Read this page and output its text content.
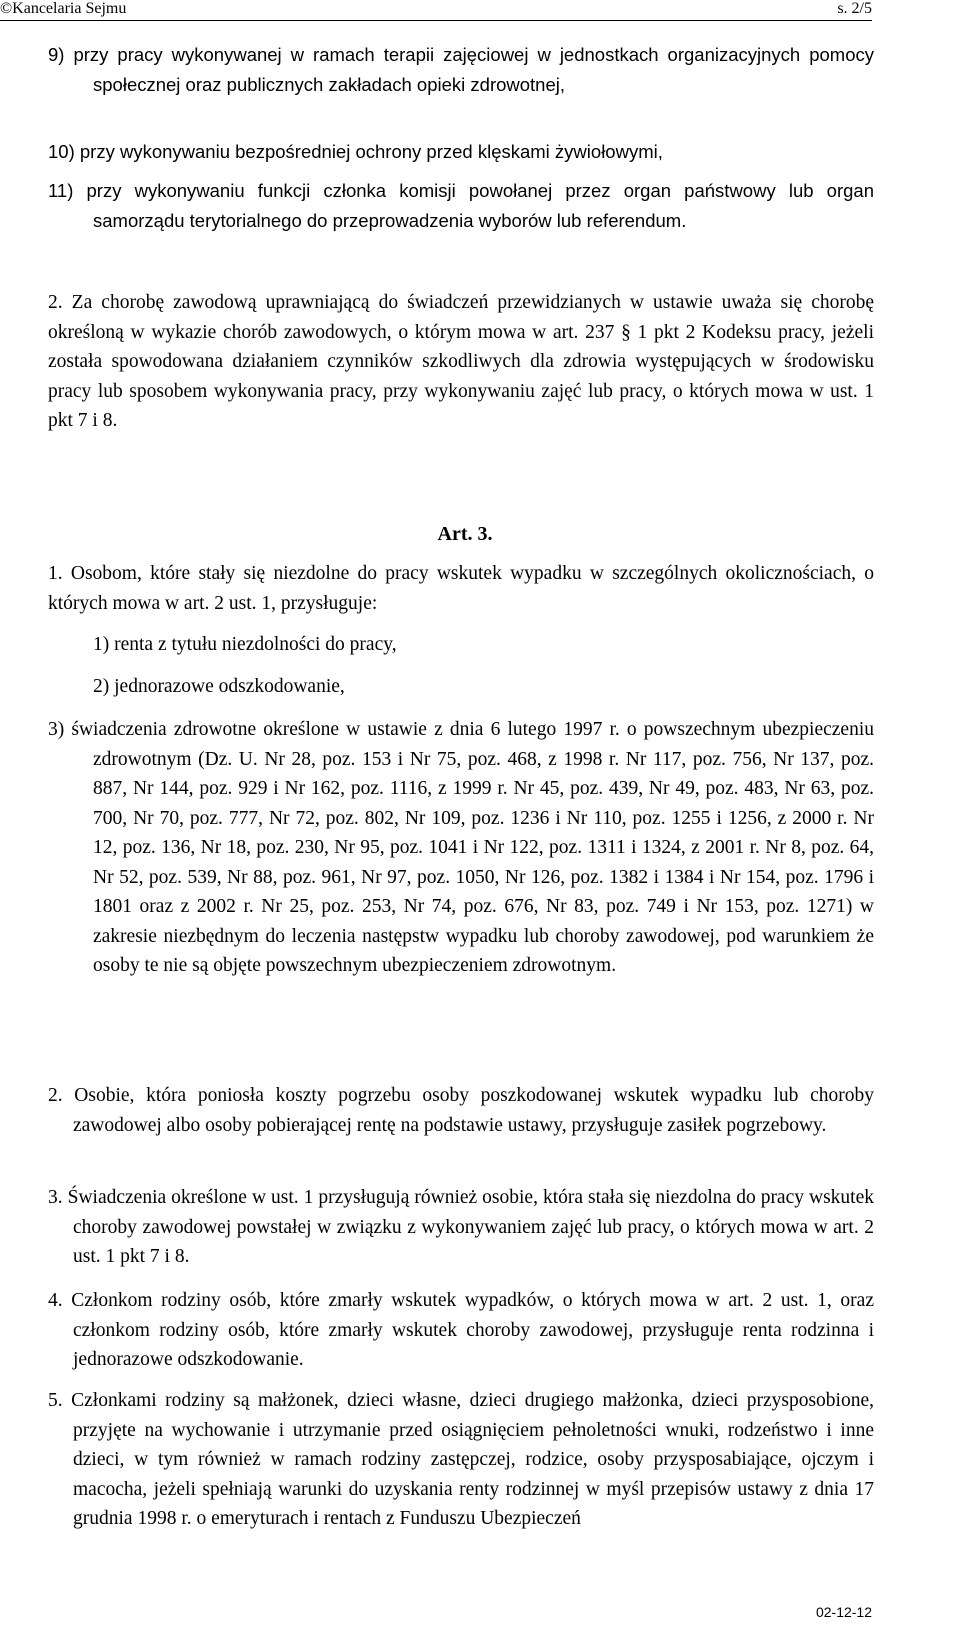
©Kancelaria Sejmu	s. 2/5
9) przy pracy wykonywanej w ramach terapii zajęciowej w jednostkach organizacyjnych pomocy społecznej oraz publicznych zakładach opieki zdrowotnej,
10) przy wykonywaniu bezpośredniej ochrony przed klęskami żywiołowymi,
11) przy wykonywaniu funkcji członka komisji powołanej przez organ państwowy lub organ samorządu terytorialnego do przeprowadzenia wyborów lub referendum.
2. Za chorobę zawodową uprawniającą do świadczeń przewidzianych w ustawie uważa się chorobę określoną w wykazie chorób zawodowych, o którym mowa w art. 237 § 1 pkt 2 Kodeksu pracy, jeżeli została spowodowana działaniem czynników szkodliwych dla zdrowia występujących w środowisku pracy lub sposobem wykonywania pracy, przy wykonywaniu zajęć lub pracy, o których mowa w ust. 1 pkt 7 i 8.
Art. 3.
1. Osobom, które stały się niezdolne do pracy wskutek wypadku w szczególnych okolicznościach, o których mowa w art. 2 ust. 1, przysługuje:
1) renta z tytułu niezdolności do pracy,
2) jednorazowe odszkodowanie,
3) świadczenia zdrowotne określone w ustawie z dnia 6 lutego 1997 r. o powszechnym ubezpieczeniu zdrowotnym (Dz. U. Nr 28, poz. 153 i Nr 75, poz. 468, z 1998 r. Nr 117, poz. 756, Nr 137, poz. 887, Nr 144, poz. 929 i Nr 162, poz. 1116, z 1999 r. Nr 45, poz. 439, Nr 49, poz. 483, Nr 63, poz. 700, Nr 70, poz. 777, Nr 72, poz. 802, Nr 109, poz. 1236 i Nr 110, poz. 1255 i 1256, z 2000 r. Nr 12, poz. 136, Nr 18, poz. 230, Nr 95, poz. 1041 i Nr 122, poz. 1311 i 1324, z 2001 r. Nr 8, poz. 64, Nr 52, poz. 539, Nr 88, poz. 961, Nr 97, poz. 1050, Nr 126, poz. 1382 i 1384 i Nr 154, poz. 1796 i 1801 oraz z 2002 r. Nr 25, poz. 253, Nr 74, poz. 676, Nr 83, poz. 749 i Nr 153, poz. 1271) w zakresie niezbędnym do leczenia następstw wypadku lub choroby zawodowej, pod warunkiem że osoby te nie są objęte powszechnym ubezpieczeniem zdrowotnym.
2. Osobie, która poniosła koszty pogrzebu osoby poszkodowanej wskutek wypadku lub choroby zawodowej albo osoby pobierającej rentę na podstawie ustawy, przysługuje zasiłek pogrzebowy.
3. Świadczenia określone w ust. 1 przysługują również osobie, która stała się niezdolna do pracy wskutek choroby zawodowej powstałej w związku z wykonywaniem zajęć lub pracy, o których mowa w art. 2 ust. 1 pkt 7 i 8.
4. Członkom rodziny osób, które zmarły wskutek wypadków, o których mowa w art. 2 ust. 1, oraz członkom rodziny osób, które zmarły wskutek choroby zawodowej, przysługuje renta rodzinna i jednorazowe odszkodowanie.
5. Członkami rodziny są małżonek, dzieci własne, dzieci drugiego małżonka, dzieci przysposobione, przyjęte na wychowanie i utrzymanie przed osiągnięciem pełnoletności wnuki, rodzeństwo i inne dzieci, w tym również w ramach rodziny zastępczej, rodzice, osoby przysposabiające, ojczym i macocha, jeżeli spełniają warunki do uzyskania renty rodzinnej w myśl przepisów ustawy z dnia 17 grudnia 1998 r. o emeryturach i rentach z Funduszu Ubezpieczeń
02-12-12
